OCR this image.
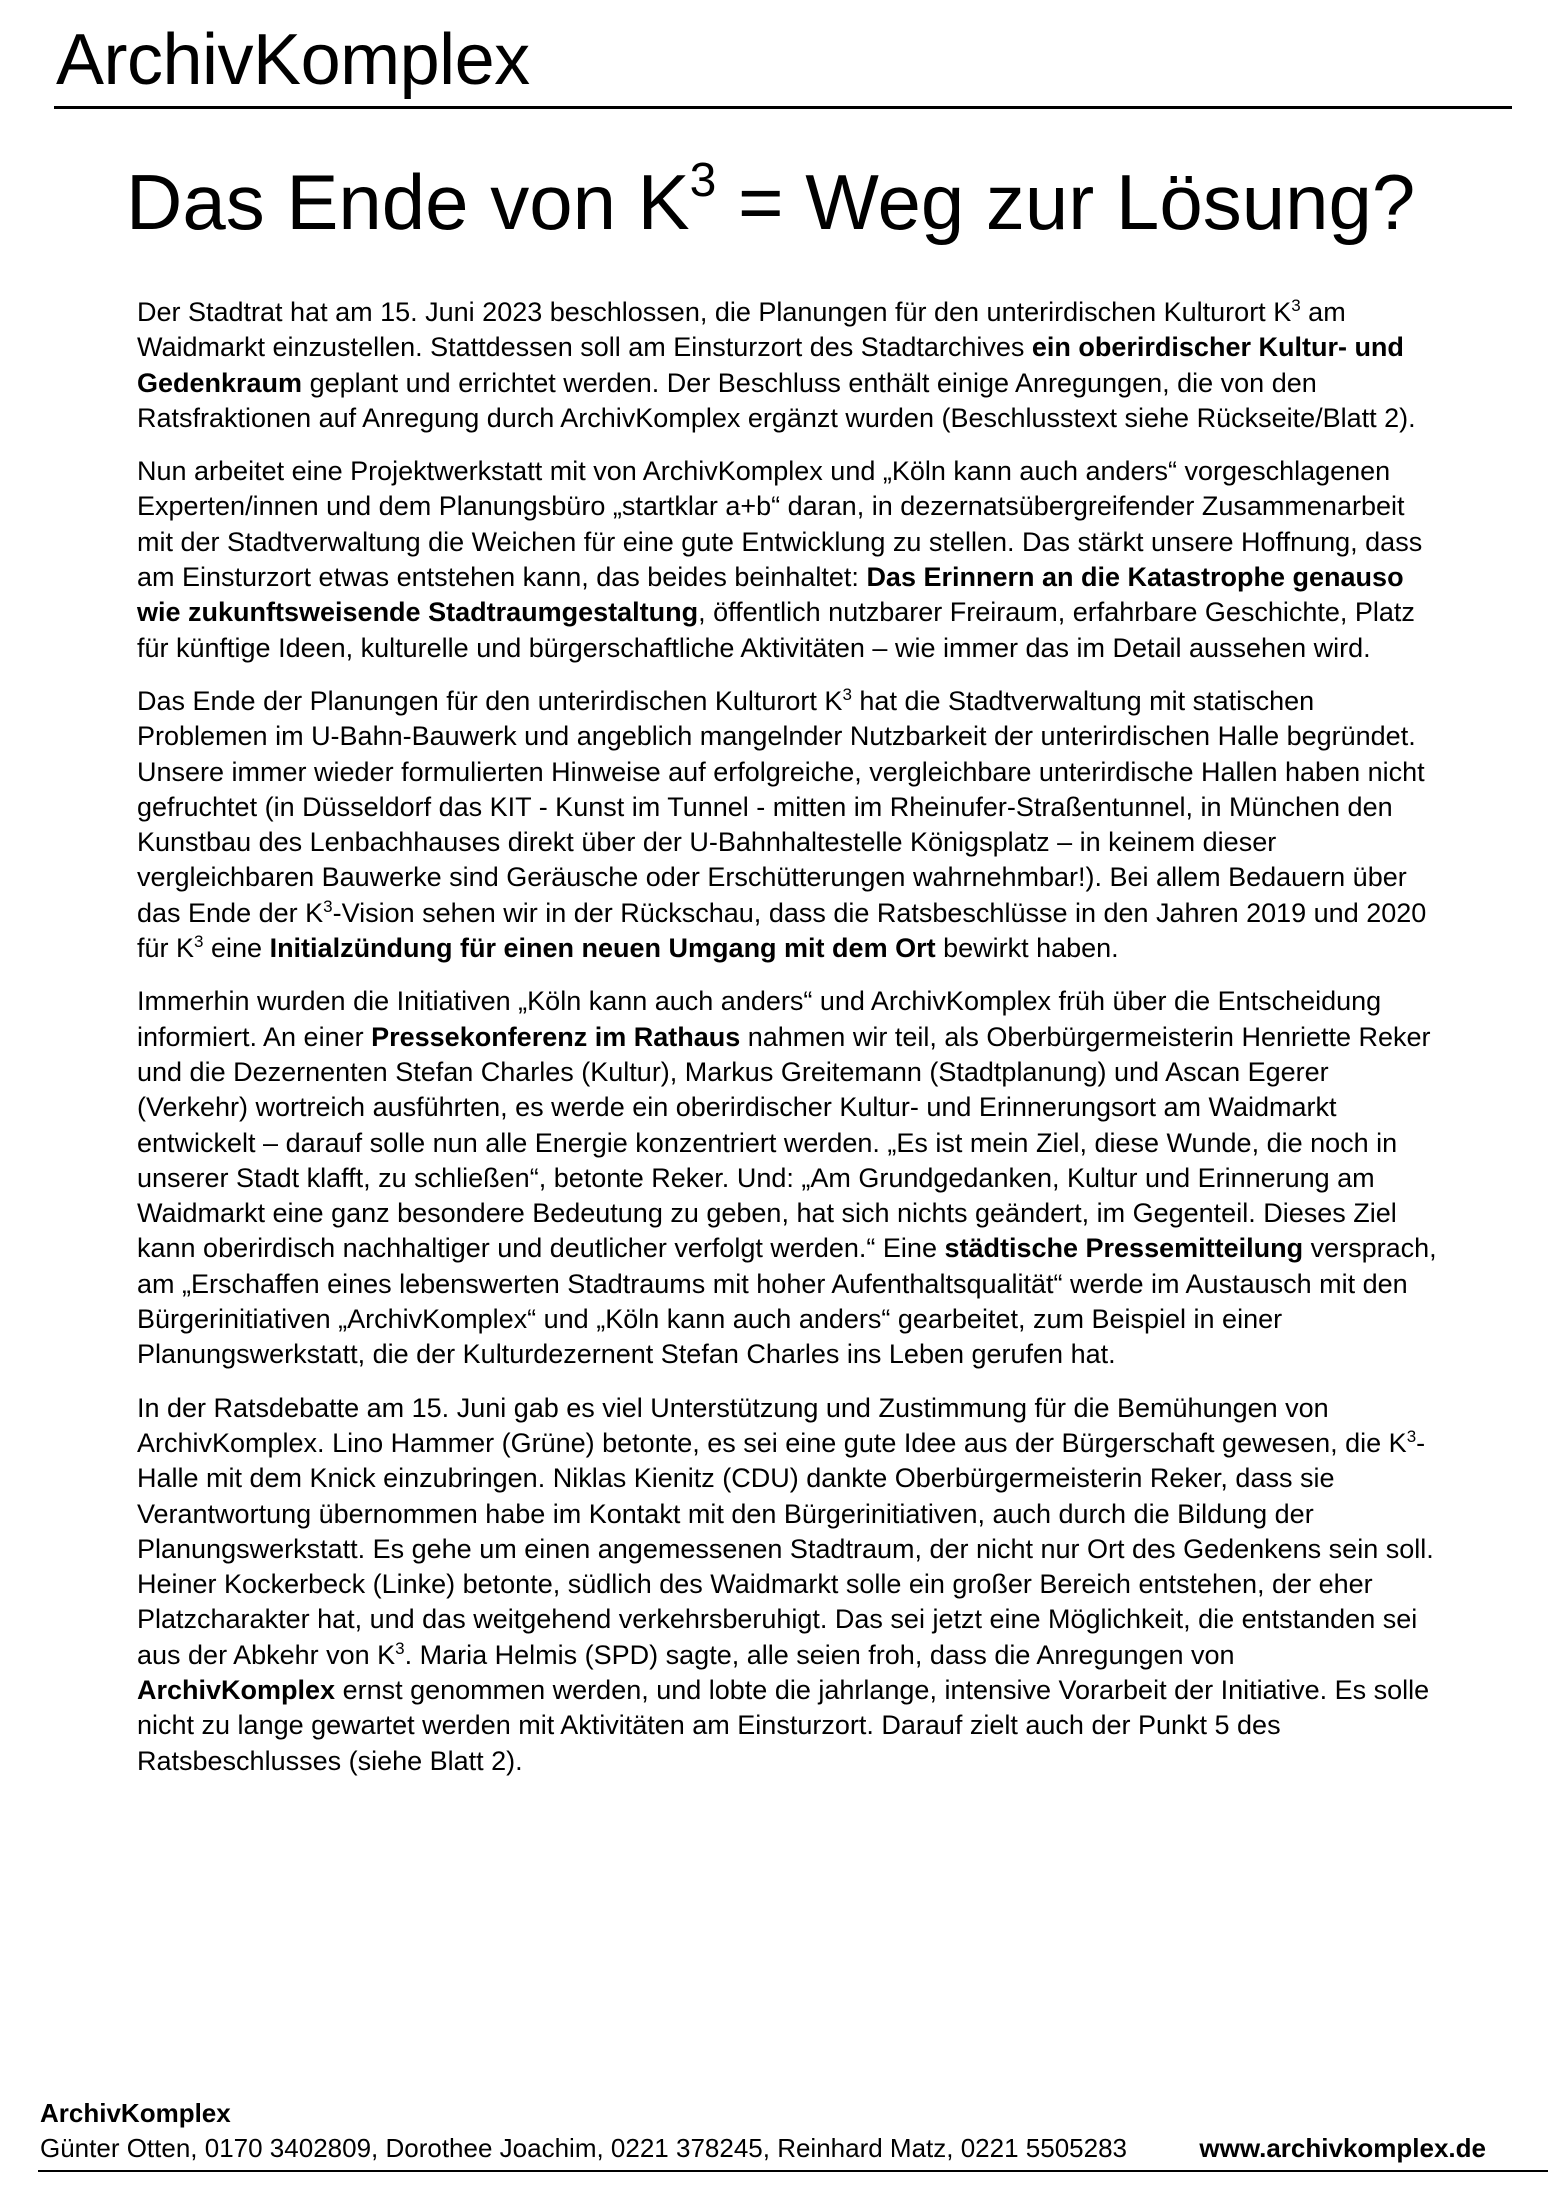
ArchivKomplex
Das Ende von $K^3$ = Weg zur Lösung?

Der Stadtrat hat am 15. Juni 2023 beschlossen, die Planungen für den unterirdischen Kulturort $K^3$ am Waidmarkt einzustellen. Stattdessen soll am Einsturzort des Stadtarchives ein oberirdischer Kultur- und Gedenkraum geplant und errichtet werden. Der Beschluss enthält einige Anregungen, die von den Ratsfraktionen auf Anregung durch ArchivKomplex ergänzt wurden (Beschlusstext siehe Rückseite/Blatt 2).

Nun arbeitet eine Projektwerkstatt mit von ArchivKomplex und „Köln kann auch anders“ vorgeschlagenen Experten/innen und dem Planungsbüro „startklar a+b“ daran, in dezernatsübergreifender Zusammenarbeit mit der Stadtverwaltung die Weichen für eine gute Entwicklung zu stellen. Das stärkt unsere Hoffnung, dass am Einsturzort etwas entstehen kann, das beides beinhaltet: Das Erinnern an die Katastrophe genauso wie zukunftsweisende Stadtraumgestaltung, öffentlich nutzbarer Freiraum, erfahrbare Geschichte, Platz für künftige Ideen, kulturelle und bürgerschaftliche Aktivitäten – wie immer das im Detail aussehen wird.

Das Ende der Planungen für den unterirdischen Kulturort $K^3$ hat die Stadtverwaltung mit statischen Problemen im U-Bahn-Bauwerk und angeblich mangelnder Nutzbarkeit der unterirdischen Halle begründet. Unsere immer wieder formulierten Hinweise auf erfolgreiche, vergleichbare unterirdische Hallen haben nicht gefruchtet (in Düsseldorf das KIT - Kunst im Tunnel - mitten im Rheinufer-Straßentunnel, in München den Kunstbau des Lenbachhauses direkt über der U-Bahnhaltestelle Königsplatz – in keinem dieser vergleichbaren Bauwerke sind Geräusche oder Erschütterungen wahrnehmbar!). Bei allem Bedauern über das Ende der $K^3$-Vision sehen wir in der Rückschau, dass die Ratsbeschlüsse in den Jahren 2019 und 2020 für $K^3$ eine Initialzündung für einen neuen Umgang mit dem Ort bewirkt haben.

Immerhin wurden die Initiativen „Köln kann auch anders“ und ArchivKomplex früh über die Entscheidung informiert. An einer Pressekonferenz im Rathaus nahmen wir teil, als Oberbürgermeisterin Henriette Reker und die Dezernenten Stefan Charles (Kultur), Markus Greitemann (Stadtplanung) und Ascan Egerer (Verkehr) wortreich ausführten, es werde ein oberirdischer Kultur- und Erinnerungsort am Waidmarkt entwickelt – darauf solle nun alle Energie konzentriert werden. „Es ist mein Ziel, diese Wunde, die noch in unserer Stadt klafft, zu schließen“, betonte Reker. Und: „Am Grundgedanken, Kultur und Erinnerung am Waidmarkt eine ganz besondere Bedeutung zu geben, hat sich nichts geändert, im Gegenteil. Dieses Ziel kann oberirdisch nachhaltiger und deutlicher verfolgt werden.“ Eine städtische Pressemitteilung versprach, am „Erschaffen eines lebenswerten Stadtraums mit hoher Aufenthaltsqualität“ werde im Austausch mit den Bürgerinitiativen „ArchivKomplex“ und „Köln kann auch anders“ gearbeitet, zum Beispiel in einer Planungswerkstatt, die der Kulturdezernent Stefan Charles ins Leben gerufen hat.

In der Ratsdebatte am 15. Juni gab es viel Unterstützung und Zustimmung für die Bemühungen von ArchivKomplex. Lino Hammer (Grüne) betonte, es sei eine gute Idee aus der Bürgerschaft gewesen, die $K^3$-Halle mit dem Knick einzubringen. Niklas Kienitz (CDU) dankte Oberbürgermeisterin Reker, dass sie Verantwortung übernommen habe im Kontakt mit den Bürgerinitiativen, auch durch die Bildung der Planungswerkstatt. Es gehe um einen angemessenen Stadtraum, der nicht nur Ort des Gedenkens sein soll. Heiner Kockerbeck (Linke) betonte, südlich des Waidmarkt solle ein großer Bereich entstehen, der eher Platzcharakter hat, und das weitgehend verkehrsberuhigt. Das sei jetzt eine Möglichkeit, die entstanden sei aus der Abkehr von $K^3$. Maria Helmis (SPD) sagte, alle seien froh, dass die Anregungen von ArchivKomplex ernst genommen werden, und lobte die jahrlange, intensive Vorarbeit der Initiative. Es solle nicht zu lange gewartet werden mit Aktivitäten am Einsturzort. Darauf zielt auch der Punkt 5 des Ratsbeschlusses (siehe Blatt 2).

ArchivKomplex
Günter Otten, 0170 3402809, Dorothee Joachim, 0221 378245, Reinhard Matz, 0221 5505283	www.archivkomplex.de
